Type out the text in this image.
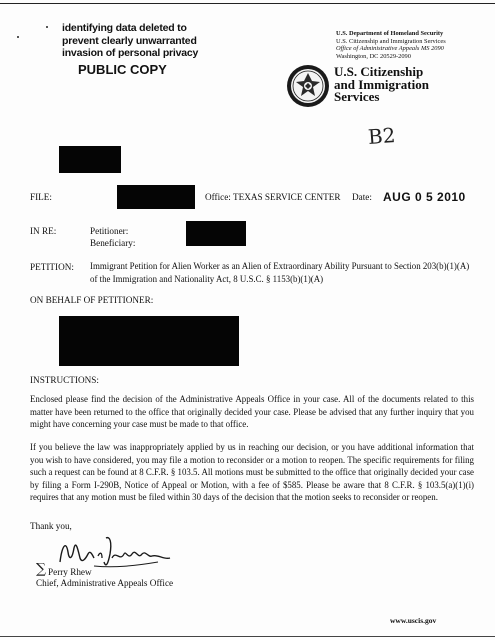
identifying data deleted to
prevent clearly unwarranted
invasion of personal privacy
PUBLIC COPY
U.S. Department of Homeland Security
U.S. Citizenship and Immigration Services
Office of Administrative Appeals MS 2090
Washington, DC 20529-2090
U.S. Citizenship
and Immigration
Services
B2
FILE:	Office: TEXAS SERVICE CENTER Date: AUG 0 5 2010
IN RE:	Petitioner:
Beneficiary:
PETITION: Immigrant Petition for Alien Worker as an Alien of Extraordinary Ability Pursuant to Section 203(b)(1)(A) of the Immigration and Nationality Act, 8 U.S.C. § 1153(b)(1)(A)
ON BEHALF OF PETITIONER:
INSTRUCTIONS:
Enclosed please find the decision of the Administrative Appeals Office in your case. All of the documents related to this matter have been returned to the office that originally decided your case. Please be advised that any further inquiry that you might have concerning your case must be made to that office.
If you believe the law was inappropriately applied by us in reaching our decision, or you have additional information that you wish to have considered, you may file a motion to reconsider or a motion to reopen. The specific requirements for filing such a request can be found at 8 C.F.R. § 103.5. All motions must be submitted to the office that originally decided your case by filing a Form I-290B, Notice of Appeal or Motion, with a fee of $585. Please be aware that 8 C.F.R. § 103.5(a)(1)(i) requires that any motion must be filed within 30 days of the decision that the motion seeks to reconsider or reopen.
Thank you,
∑ Perry Rhew
Chief, Administrative Appeals Office
www.uscis.gov
